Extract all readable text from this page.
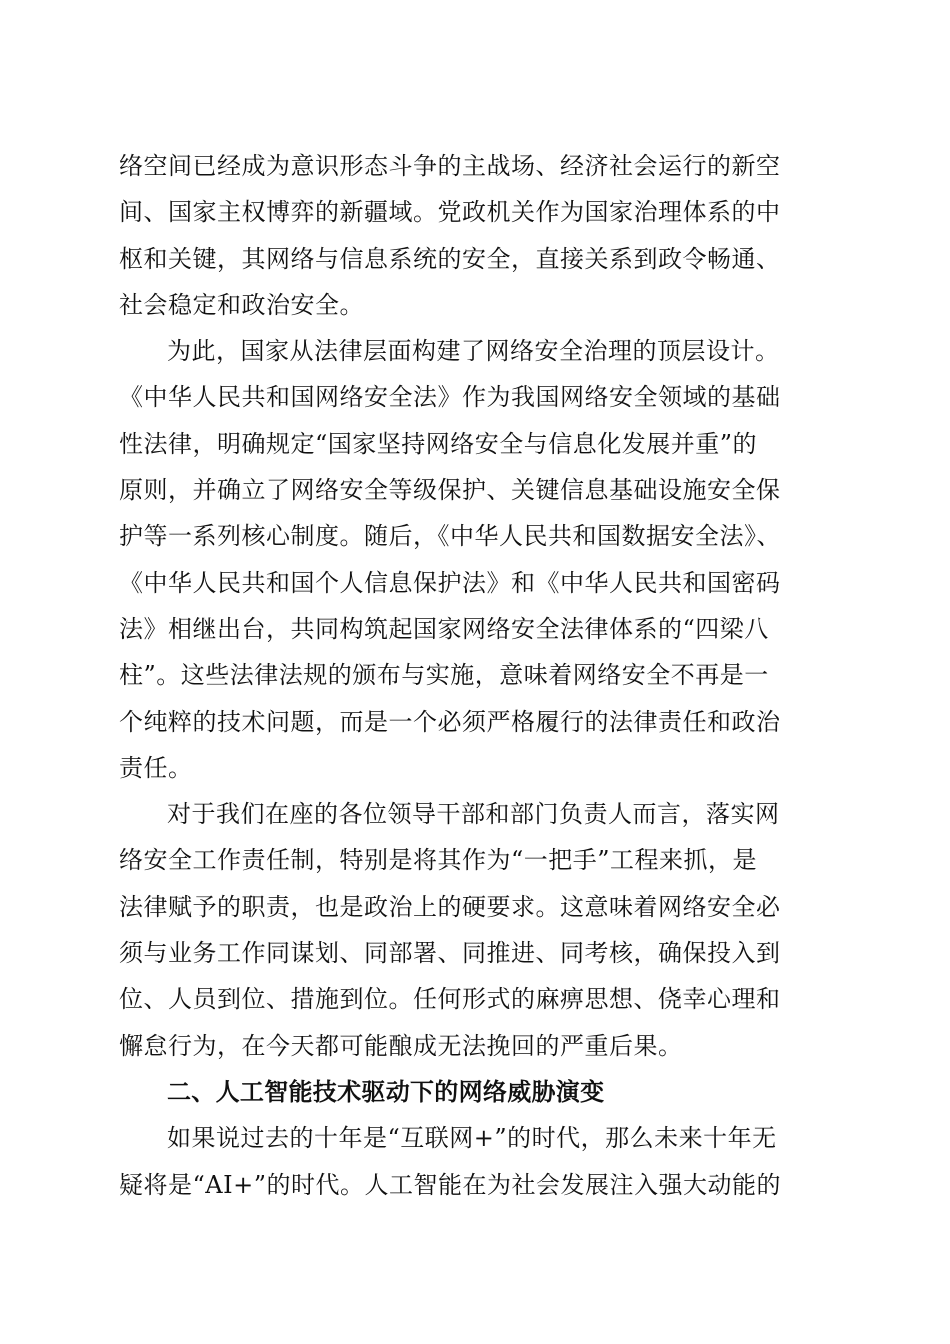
络空间已经成为意识形态斗争的主战场、经济社会运行的新空
间、国家主权博弈的新疆域。党政机关作为国家治理体系的中
枢和关键，其网络与信息系统的安全，直接关系到政令畅通、
社会稳定和政治安全。
为此，国家从法律层面构建了网络安全治理的顶层设计。
《中华人民共和国网络安全法》作为我国网络安全领域的基础
性法律，明确规定“国家坚持网络安全与信息化发展并重”的
原则，并确立了网络安全等级保护、关键信息基础设施安全保
护等一系列核心制度。随后，《中华人民共和国数据安全法》、
《中华人民共和国个人信息保护法》和《中华人民共和国密码
法》相继出台，共同构筑起国家网络安全法律体系的“四梁八
柱”。这些法律法规的颁布与实施，意味着网络安全不再是一
个纯粹的技术问题，而是一个必须严格履行的法律责任和政治
责任。
对于我们在座的各位领导干部和部门负责人而言，落实网
络安全工作责任制，特别是将其作为“一把手”工程来抓，是
法律赋予的职责，也是政治上的硬要求。这意味着网络安全必
须与业务工作同谋划、同部署、同推进、同考核，确保投入到
位、人员到位、措施到位。任何形式的麻痹思想、侥幸心理和
懈怠行为，在今天都可能酿成无法挽回的严重后果。
二、人工智能技术驱动下的网络威胁演变
如果说过去的十年是“互联网+”的时代，那么未来十年无
疑将是“AI+”的时代。人工智能在为社会发展注入强大动能的
